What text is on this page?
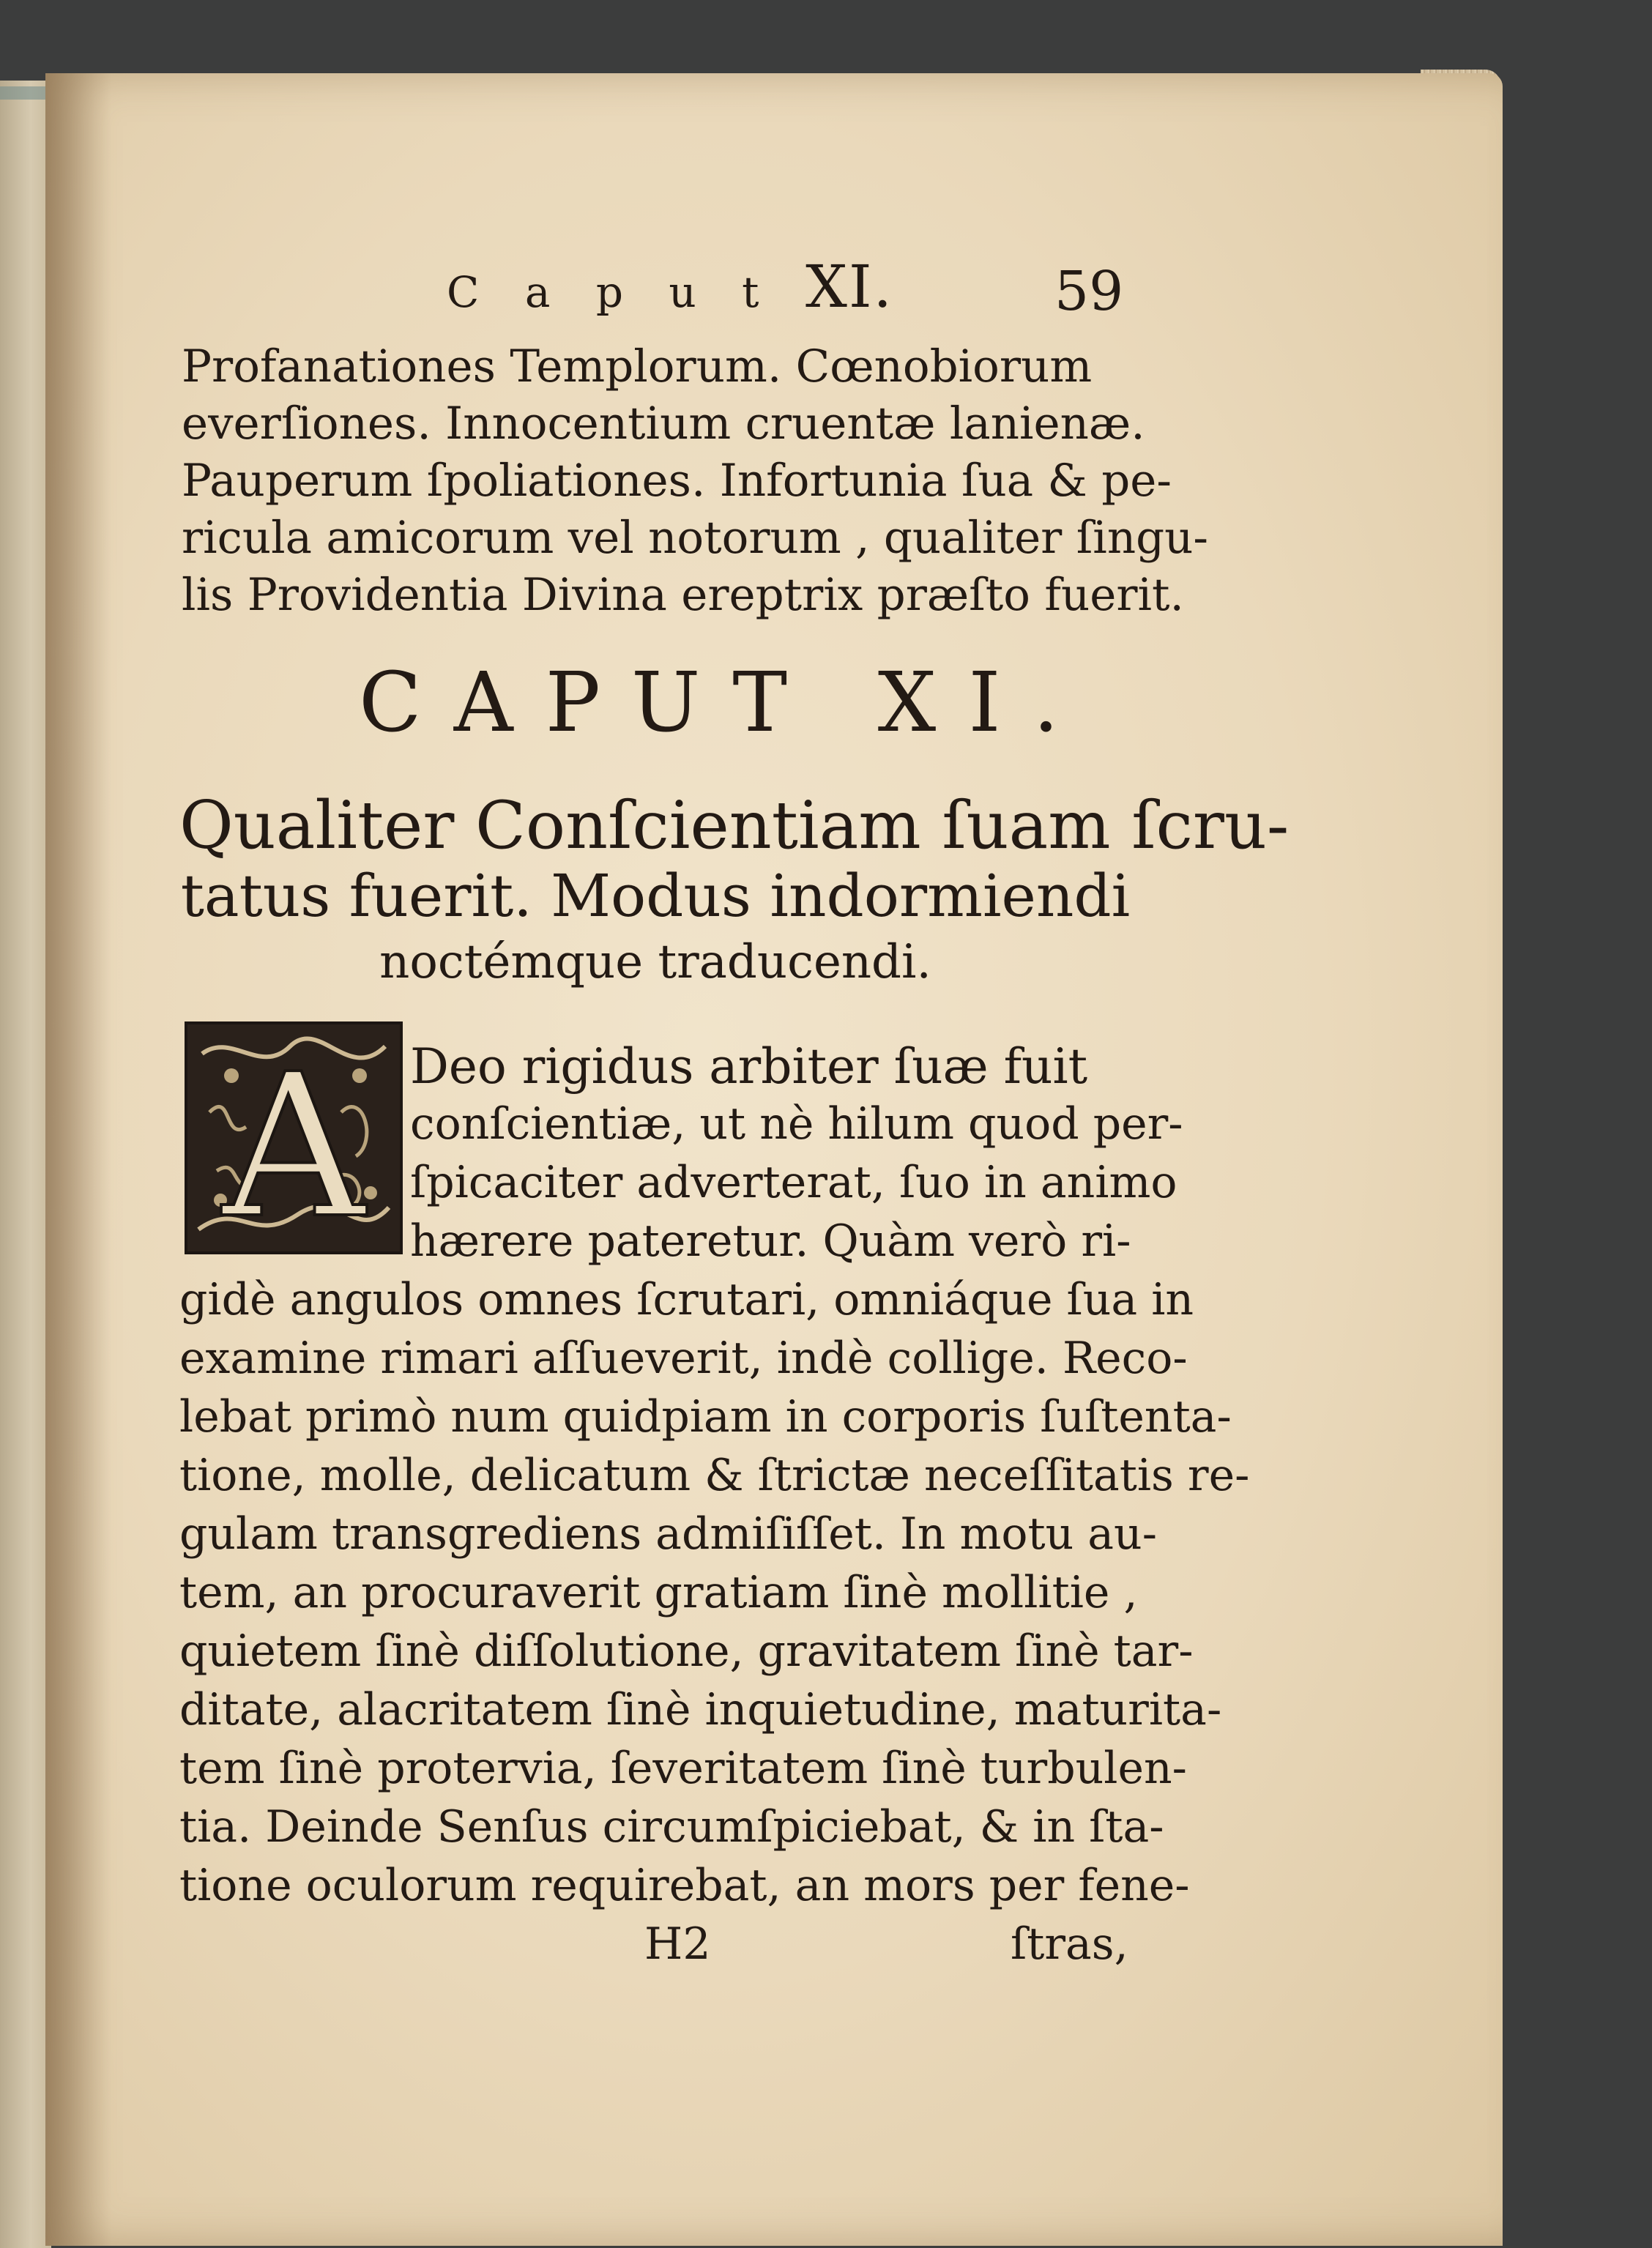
C a p u t XI.	59
Profanationes Templorum. Cœnobiorum
everſiones. Innocentium cruentæ lanienæ.
Pauperum ſpoliationes. Infortunia ſua & pe-
ricula amicorum vel notorum , qualiter ſingu-
lis Providentia Divina ereptrix præſto fuerit.
CAPUT XI.
Qualiter Conſcientiam ſuam ſcru-
tatus fuerit. Modus indormiendi
noctémque traducendi.
A Deo rigidus arbiter ſuæ fuit
conſcientiæ, ut nè hilum quod per-
ſpicaciter adverterat, ſuo in animo
hærere pateretur. Quàm verò ri-
gidè angulos omnes ſcrutari, omniáque ſua in
examine rimari aſſueverit, indè collige. Reco-
lebat primò num quidpiam in corporis ſuſtenta-
tione, molle, delicatum & ſtrictæ neceſſitatis re-
gulam transgrediens admiſiſſet. In motu au-
tem, an procuraverit gratiam ſinè mollitie ,
quietem ſinè diſſolutione, gravitatem ſinè tar-
ditate, alacritatem ſinè inquietudine, maturita-
tem ſinè protervia, ſeveritatem ſinè turbulen-
tia. Deinde Senſus circumſpiciebat, & in ſta-
tione oculorum requirebat, an mors per fene-
H2	ſtras,
